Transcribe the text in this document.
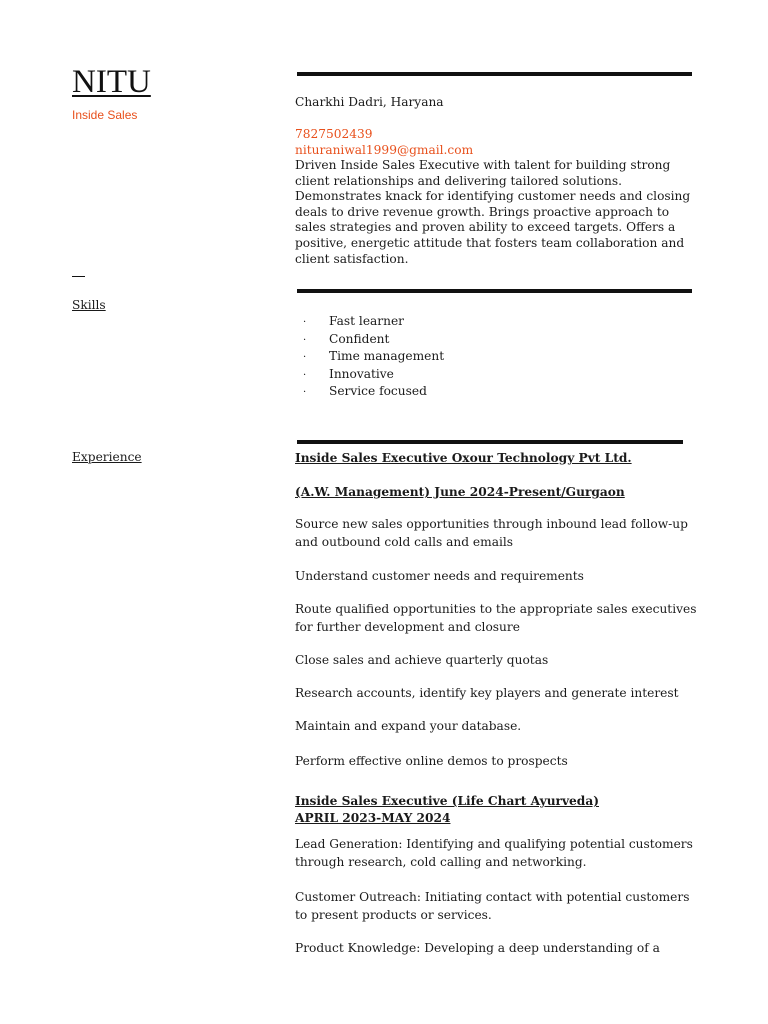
NITU
Inside Sales
Skills
Experience
Charkhi Dadri, Haryana
7827502439
nituraniwal1999@gmail.com
Driven Inside Sales Executive with talent for building strong client relationships and delivering tailored solutions. Demonstrates knack for identifying customer needs and closing deals to drive revenue growth. Brings proactive approach to sales strategies and proven ability to exceed targets. Offers a positive, energetic attitude that fosters team collaboration and client satisfaction.
· Fast learner
· Confident
· Time management
· Innovative
· Service focused
Inside Sales Executive Oxour Technology Pvt Ltd.
(A.W. Management) June 2024-Present/Gurgaon
Source new sales opportunities through inbound lead follow-up and outbound cold calls and emails
Understand customer needs and requirements
Route qualified opportunities to the appropriate sales executives for further development and closure
Close sales and achieve quarterly quotas
Research accounts, identify key players and generate interest
Maintain and expand your database.
Perform effective online demos to prospects
Inside Sales Executive (Life Chart Ayurveda)
APRIL 2023-MAY 2024
Lead Generation: Identifying and qualifying potential customers through research, cold calling and networking.
Customer Outreach: Initiating contact with potential customers to present products or services.
Product Knowledge: Developing a deep understanding of a
